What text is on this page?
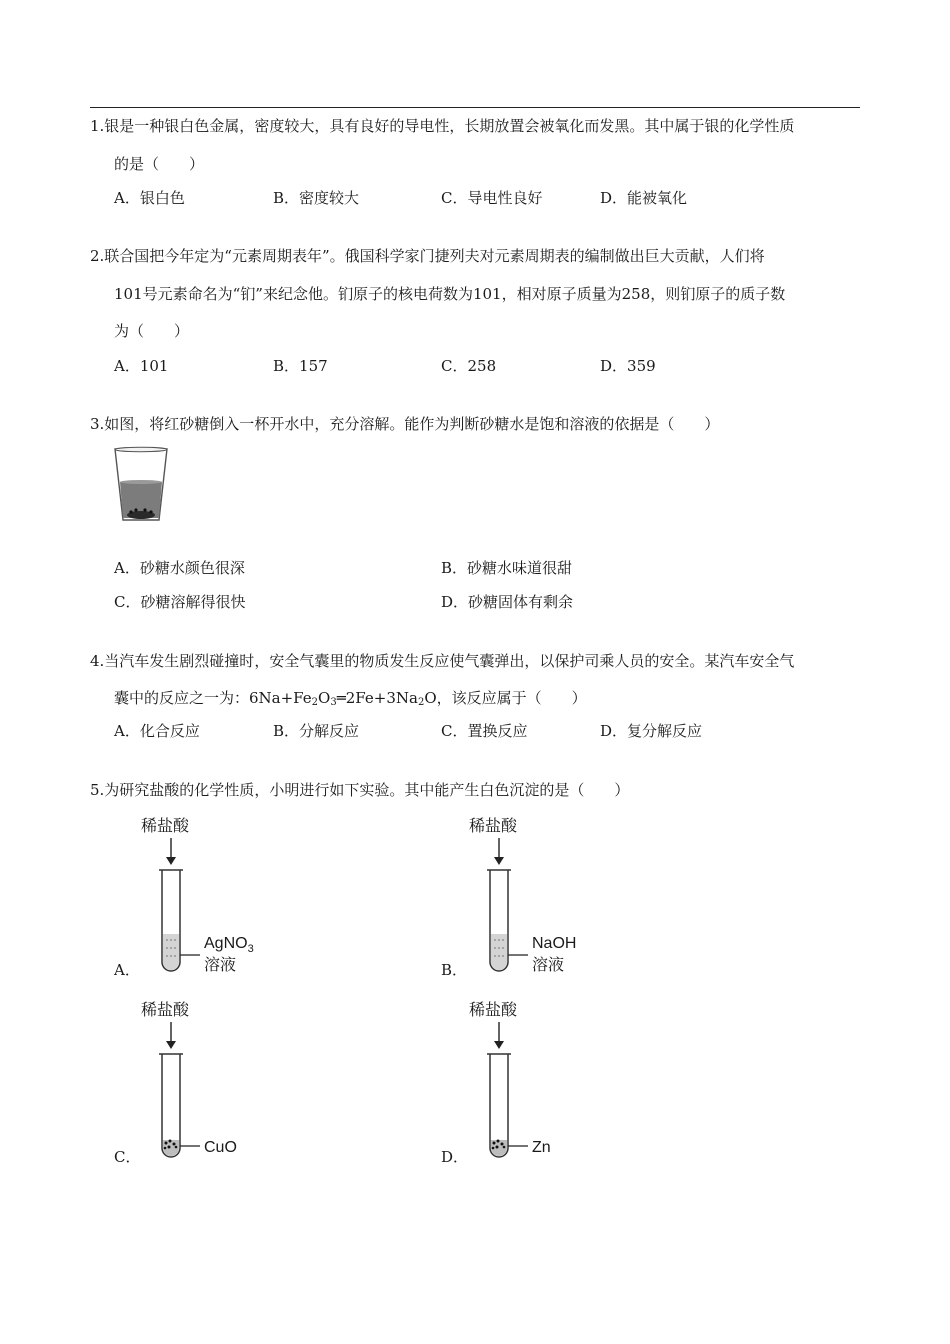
1.银是一种银白色金属，密度较大，具有良好的导电性，长期放置会被氧化而发黑。其中属于银的化学性质
的是（　　）
A．银白色	B．密度较大	C．导电性良好	D．能被氧化
2.联合国把今年定为“元素周期表年”。俄国科学家门捷列夫对元素周期表的编制做出巨大贡献，人们将
101号元素命名为“钔”来纪念他。钔原子的核电荷数为101，相对原子质量为258，则钔原子的质子数
为（　　）
A．101	B．157	C．258	D．359
3.如图，将红砂糖倒入一杯开水中，充分溶解。能作为判断砂糖水是饱和溶液的依据是（　　）
A．砂糖水颜色很深	B．砂糖水味道很甜
C．砂糖溶解得很快	D．砂糖固体有剩余
4.当汽车发生剧烈碰撞时，安全气囊里的物质发生反应使气囊弹出，以保护司乘人员的安全。某汽车安全气
囊中的反应之一为：$6Na+Fe_2O_3═2Fe+3Na_2O$，该反应属于（　　）
A．化合反应	B．分解反应	C．置换反应	D．复分解反应
5.为研究盐酸的化学性质，小明进行如下实验。其中能产生白色沉淀的是（　　）
A．
稀盐酸
AgNO$_3$
溶液	B．
稀盐酸
NaOH
溶液
C．
稀盐酸
CuO
D．
稀盐酸
Zn
